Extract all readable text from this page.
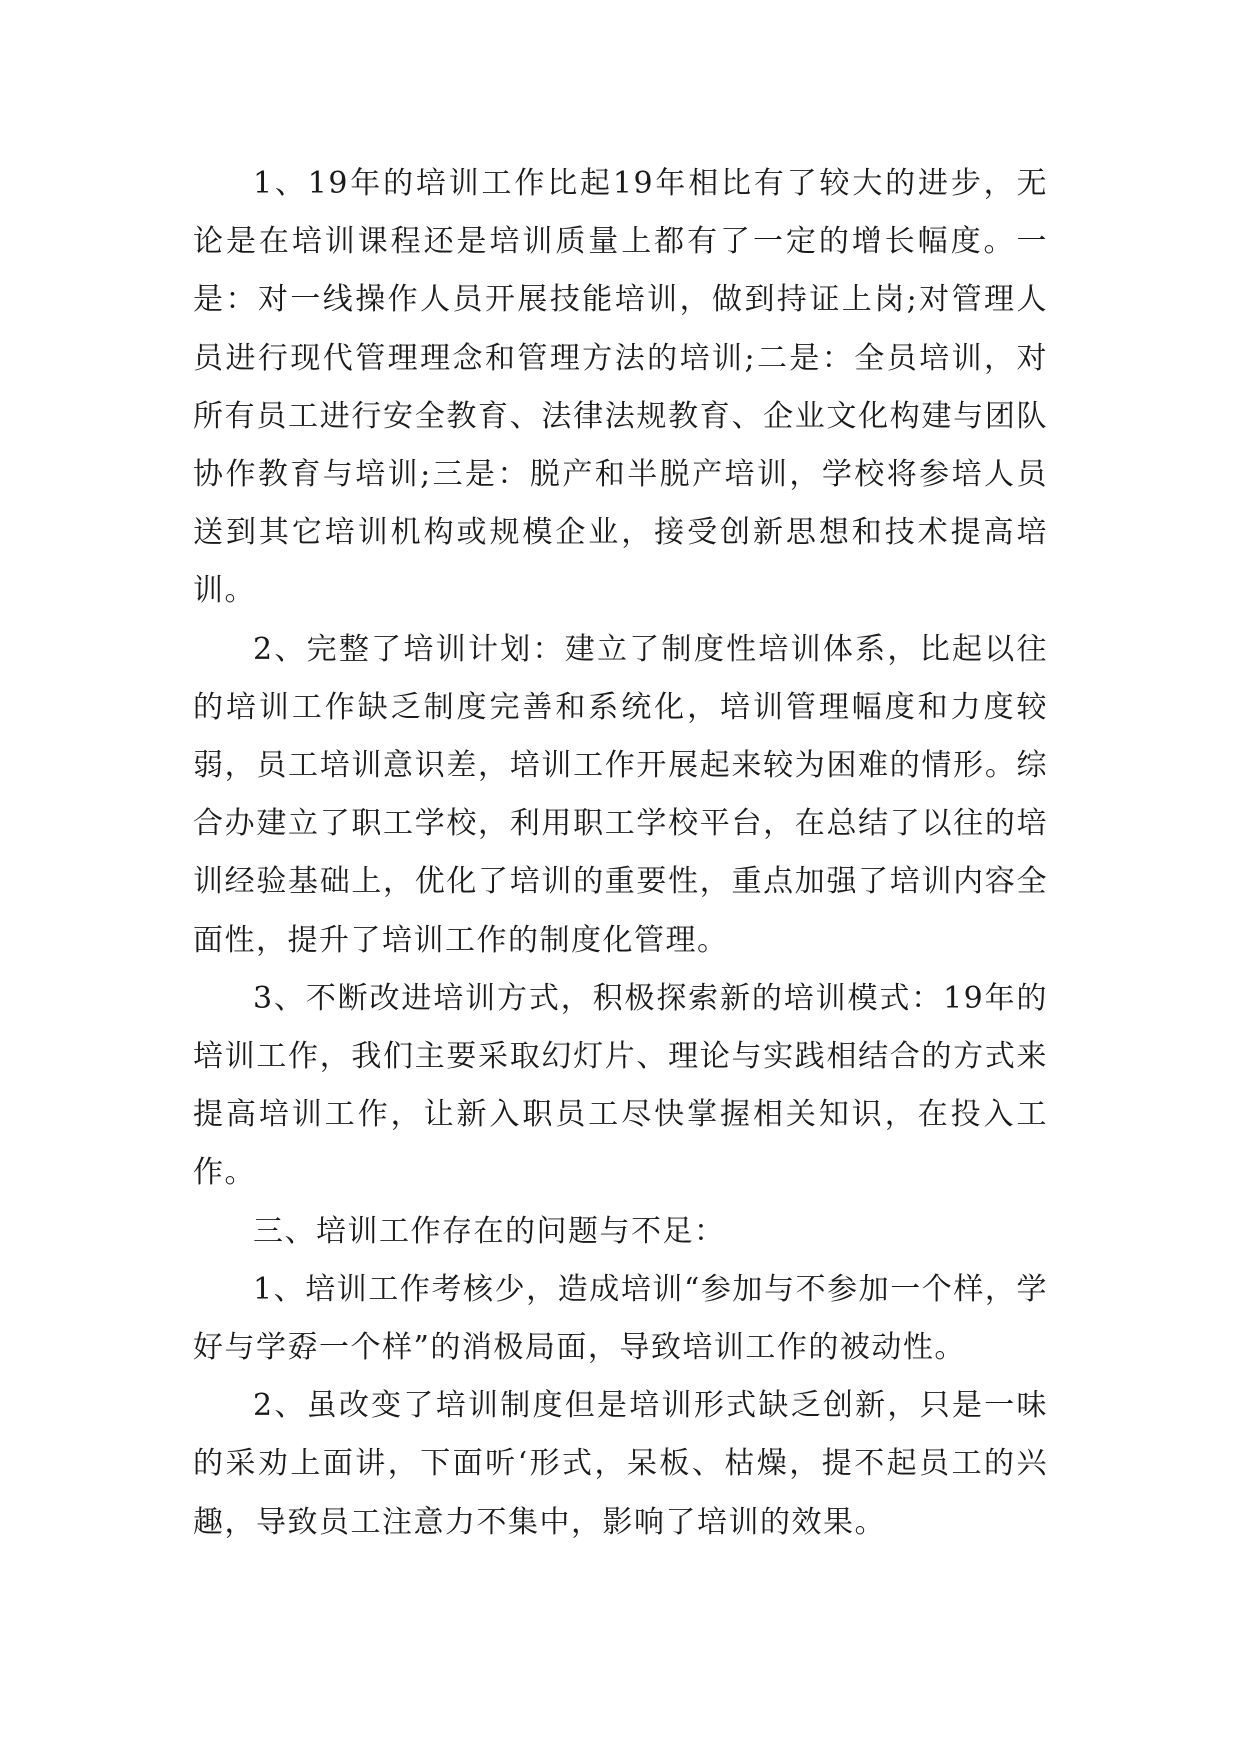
1、19年的培训工作比起19年相比有了较大的进步，无论是在培训课程还是培训质量上都有了一定的增长幅度。一是：对一线操作人员开展技能培训，做到持证上岗;对管理人员进行现代管理理念和管理方法的培训;二是：全员培训，对所有员工进行安全教育、法律法规教育、企业文化构建与团队协作教育与培训;三是：脱产和半脱产培训，学校将参培人员送到其它培训机构或规模企业，接受创新思想和技术提高培训。

2、完整了培训计划：建立了制度性培训体系，比起以往的培训工作缺乏制度完善和系统化，培训管理幅度和力度较弱，员工培训意识差，培训工作开展起来较为困难的情形。综合办建立了职工学校，利用职工学校平台，在总结了以往的培训经验基础上，优化了培训的重要性，重点加强了培训内容全面性，提升了培训工作的制度化管理。

3、不断改进培训方式，积极探索新的培训模式：19年的培训工作，我们主要采取幻灯片、理论与实践相结合的方式来提高培训工作，让新入职员工尽快掌握相关知识，在投入工作。

三、培训工作存在的问题与不足：

1、培训工作考核少，造成培训“参加与不参加一个样，学好与学孬一个样”的消极局面，导致培训工作的被动性。

2、虽改变了培训制度但是培训形式缺乏创新，只是一味的采劝上面讲，下面听‘形式，呆板、枯燥，提不起员工的兴趣，导致员工注意力不集中，影响了培训的效果。
